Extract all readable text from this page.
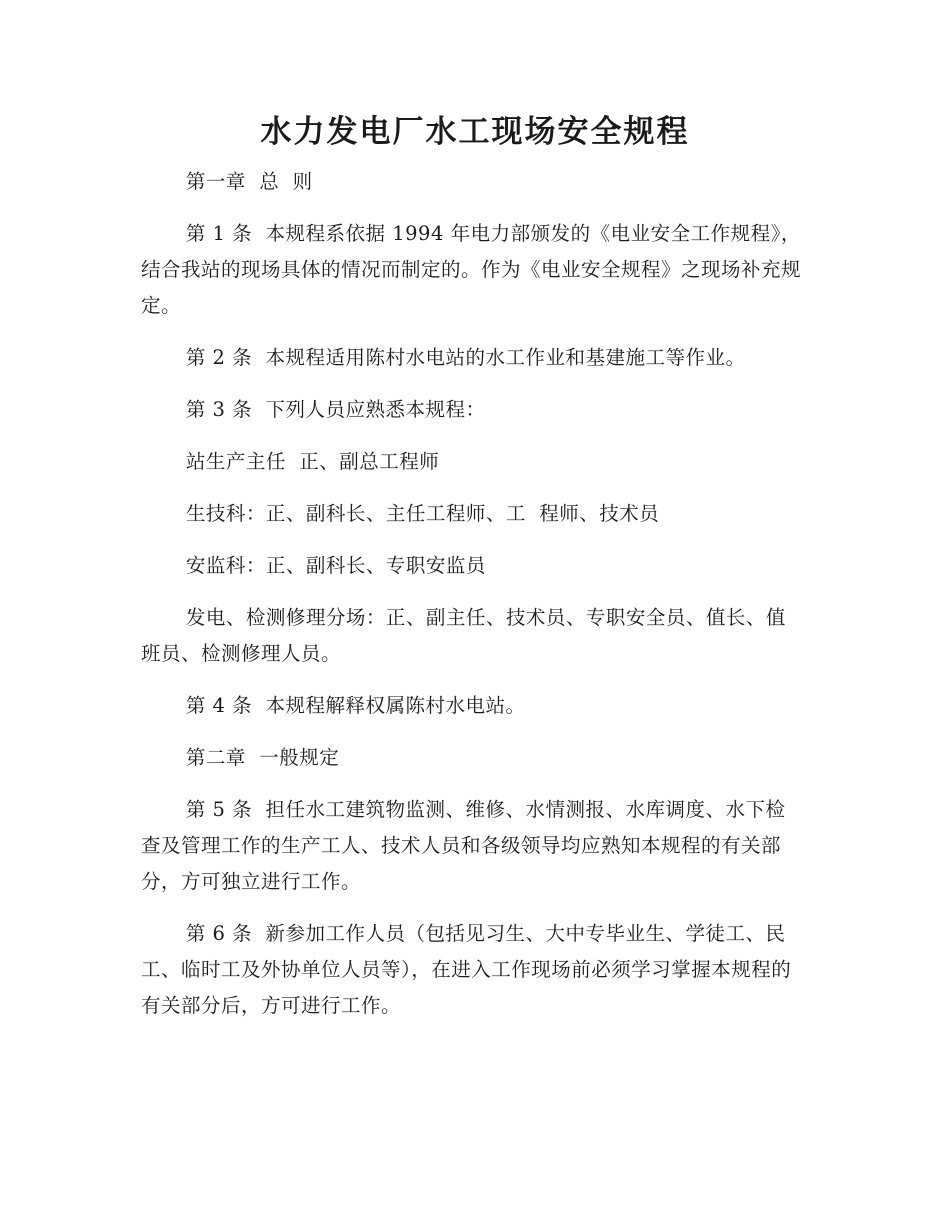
水力发电厂水工现场安全规程

第一章  总  则

第 1 条  本规程系依据 1994 年电力部颁发的《电业安全工作规程》，结合我站的现场具体的情况而制定的。作为《电业安全规程》之现场补充规定。

第 2 条  本规程适用陈村水电站的水工作业和基建施工等作业。

第 3 条  下列人员应熟悉本规程：

站生产主任  正、副总工程师

生技科：正、副科长、主任工程师、工  程师、技术员

安监科：正、副科长、专职安监员

发电、检测修理分场：正、副主任、技术员、专职安全员、值长、值班员、检测修理人员。

第 4 条  本规程解释权属陈村水电站。

第二章  一般规定

第 5 条  担任水工建筑物监测、维修、水情测报、水库调度、水下检查及管理工作的生产工人、技术人员和各级领导均应熟知本规程的有关部分，方可独立进行工作。

第 6 条  新参加工作人员（包括见习生、大中专毕业生、学徒工、民工、临时工及外协单位人员等），在进入工作现场前必须学习掌握本规程的有关部分后，方可进行工作。
